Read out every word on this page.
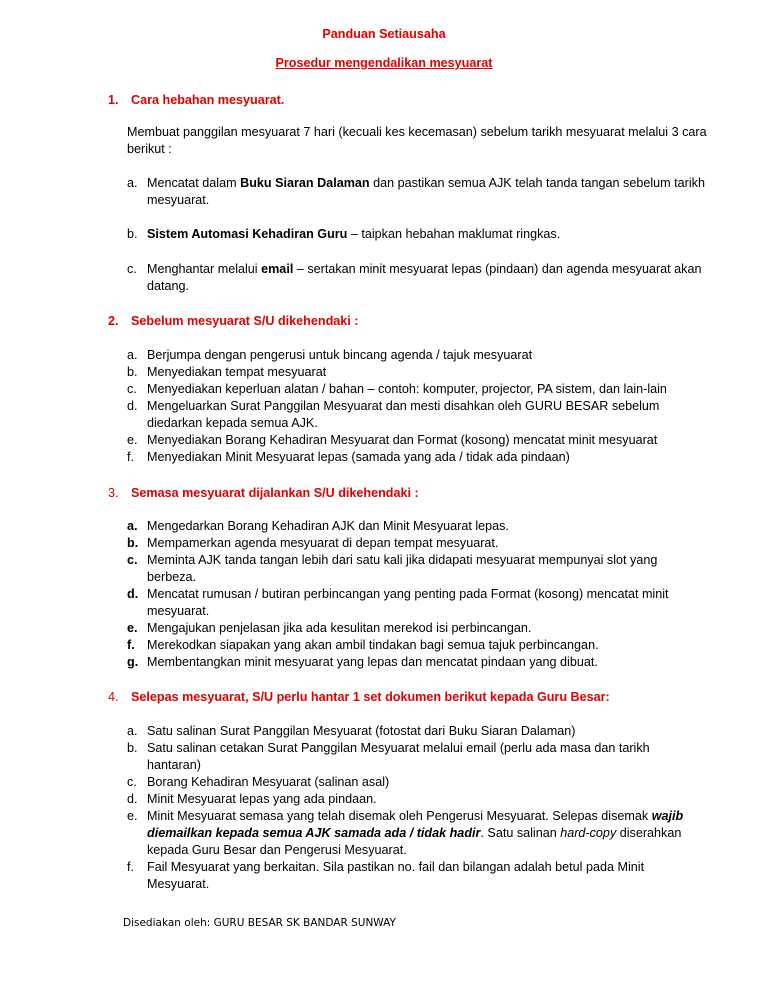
Panduan Setiausaha
Prosedur mengendalikan mesyuarat
1. Cara hebahan mesyuarat.
Membuat panggilan mesyuarat 7 hari (kecuali kes kecemasan) sebelum tarikh mesyuarat melalui 3 cara berikut :
a. Mencatat dalam Buku Siaran Dalaman dan pastikan semua AJK telah tanda tangan sebelum tarikh mesyuarat.
b. Sistem Automasi Kehadiran Guru – taipkan hebahan maklumat ringkas.
c. Menghantar melalui email – sertakan minit mesyuarat lepas (pindaan) dan agenda mesyuarat akan datang.
2. Sebelum mesyuarat S/U dikehendaki :
a. Berjumpa dengan pengerusi untuk bincang agenda / tajuk mesyuarat
b. Menyediakan tempat mesyuarat
c. Menyediakan keperluan alatan / bahan – contoh: komputer, projector, PA sistem, dan lain-lain
d. Mengeluarkan Surat Panggilan Mesyuarat dan mesti disahkan oleh GURU BESAR sebelum diedarkan kepada semua AJK.
e. Menyediakan Borang Kehadiran Mesyuarat dan Format (kosong) mencatat minit mesyuarat
f. Menyediakan Minit Mesyuarat lepas (samada yang ada / tidak ada pindaan)
3. Semasa mesyuarat dijalankan S/U dikehendaki :
a. Mengedarkan Borang Kehadiran AJK dan Minit Mesyuarat lepas.
b. Mempamerkan agenda mesyuarat di depan tempat mesyuarat.
c. Meminta AJK tanda tangan lebih dari satu kali jika didapati mesyuarat mempunyai slot yang berbeza.
d. Mencatat rumusan / butiran perbincangan yang penting pada Format (kosong) mencatat minit mesyuarat.
e. Mengajukan penjelasan jika ada kesulitan merekod isi perbincangan.
f. Merekodkan siapakan yang akan ambil tindakan bagi semua tajuk perbincangan.
g. Membentangkan minit mesyuarat yang lepas dan mencatat pindaan yang dibuat.
4. Selepas mesyuarat, S/U perlu hantar 1 set dokumen berikut kepada Guru Besar:
a. Satu salinan Surat Panggilan Mesyuarat (fotostat dari Buku Siaran Dalaman)
b. Satu salinan cetakan Surat Panggilan Mesyuarat melalui email (perlu ada masa dan tarikh hantaran)
c. Borang Kehadiran Mesyuarat (salinan asal)
d. Minit Mesyuarat lepas yang ada pindaan.
e. Minit Mesyuarat semasa yang telah disemak oleh Pengerusi Mesyuarat. Selepas disemak wajib diemailkan kepada semua AJK samada ada / tidak hadir. Satu salinan hard-copy diserahkan kepada Guru Besar dan Pengerusi Mesyuarat.
f. Fail Mesyuarat yang berkaitan. Sila pastikan no. fail dan bilangan adalah betul pada Minit Mesyuarat.
Disediakan oleh: GURU BESAR SK BANDAR SUNWAY
